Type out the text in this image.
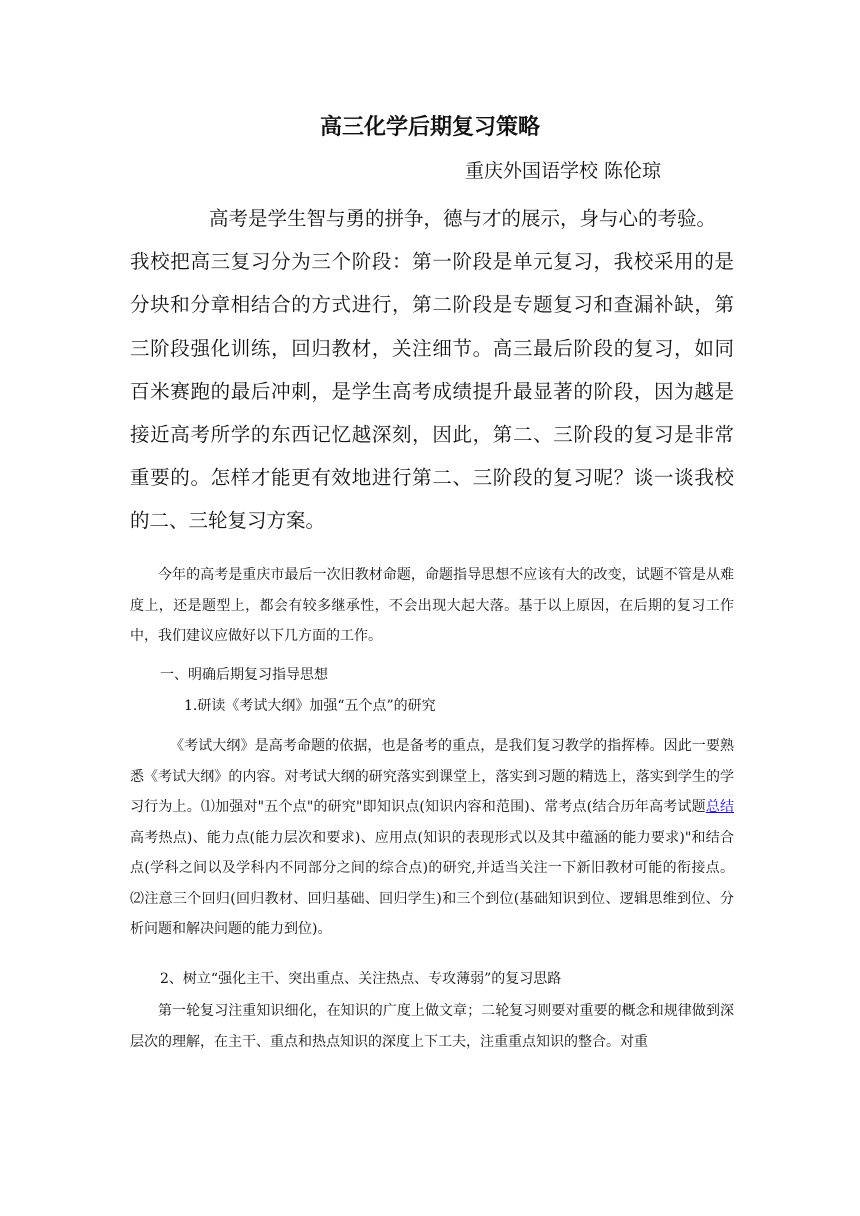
高三化学后期复习策略
重庆外国语学校 陈伦琼
高考是学生智与勇的拼争，德与才的展示，身与心的考验。
我校把高三复习分为三个阶段：第一阶段是单元复习，我校采用的是分块和分章相结合的方式进行，第二阶段是专题复习和查漏补缺，第三阶段强化训练，回归教材，关注细节。高三最后阶段的复习，如同百米赛跑的最后冲刺，是学生高考成绩提升最显著的阶段，因为越是接近高考所学的东西记忆越深刻，因此，第二、三阶段的复习是非常重要的。怎样才能更有效地进行第二、三阶段的复习呢？谈一谈我校的二、三轮复习方案。
今年的高考是重庆市最后一次旧教材命题，命题指导思想不应该有大的改变，试题不管是从难度上，还是题型上，都会有较多继承性，不会出现大起大落。基于以上原因，在后期的复习工作中，我们建议应做好以下几方面的工作。
一、明确后期复习指导思想
1.研读《考试大纲》加强“五个点”的研究
《考试大纲》是高考命题的依据，也是备考的重点，是我们复习教学的指挥棒。因此一要熟悉《考试大纲》的内容。对考试大纲的研究落实到课堂上，落实到习题的精选上，落实到学生的学习行为上。⑴加强对"五个点"的研究"即知识点(知识内容和范围)、常考点(结合历年高考试题总结高考热点)、能力点(能力层次和要求)、应用点(知识的表现形式以及其中蕴涵的能力要求)"和结合点(学科之间以及学科内不同部分之间的综合点)的研究,并适当关注一下新旧教材可能的衔接点。 ⑵注意三个回归(回归教材、回归基础、回归学生)和三个到位(基础知识到位、逻辑思维到位、分析问题和解决问题的能力到位)。
2、树立“强化主干、突出重点、关注热点、专攻薄弱”的复习思路
第一轮复习注重知识细化，在知识的广度上做文章；二轮复习则要对重要的概念和规律做到深层次的理解，在主干、重点和热点知识的深度上下工夫，注重重点知识的整合。对重
